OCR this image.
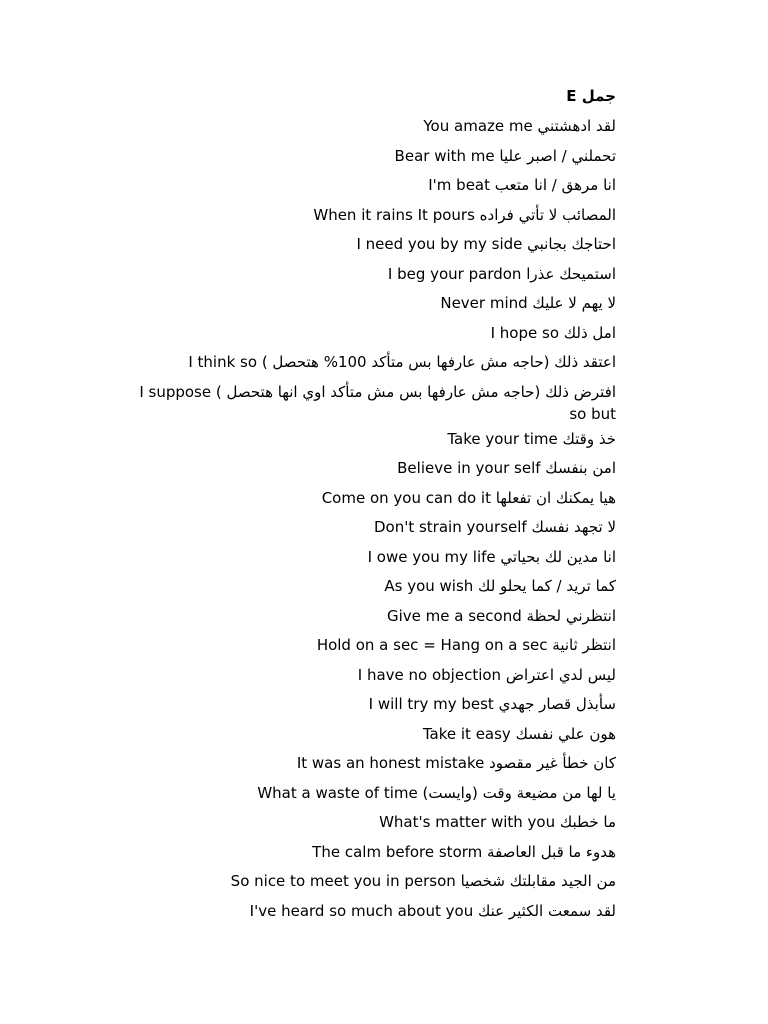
جمل E
لقد ادهشتني You amaze me
تحملني / اصبر عليا Bear with me
انا مرهق / انا متعب I'm beat
المصائب لا تأتي فراده When it rains It pours
احتاجك بجانبي I need you by my side
استميحك عذرا I beg your pardon
لا يهم لا عليك Never mind
امل ذلك I hope so
اعتقد ذلك (حاجه مش عارفها بس متأكد 100% هتحصل ) I think so
افترض ذلك (حاجه مش عارفها بس مش متأكد اوي انها هتحصل ) I suppose so but
خذ وقتك Take your time
امن بنفسك Believe in your self
هيا يمكنك ان تفعلها Come on you can do it
لا تجهد نفسك Don't strain yourself
انا مدين لك بحياتي I owe you my life
كما تريد / كما يحلو لك As you wish
انتظرني لحظة Give me a second
انتظر ثانية Hold on a sec = Hang on a sec
ليس لدي اعتراض I have no objection
سأبذل قصار جهدي I will try my best
هون علي نفسك Take it easy
كان خطأ غير مقصود It was an honest mistake
يا لها من مضيعة وقت (وايست) What a waste of time
ما خطبك What's matter with you
هدوء ما قبل العاصفة The calm before storm
من الجيد مقابلتك شخصيا So nice to meet you in person
لقد سمعت الكثير عنك I've heard so much about you
